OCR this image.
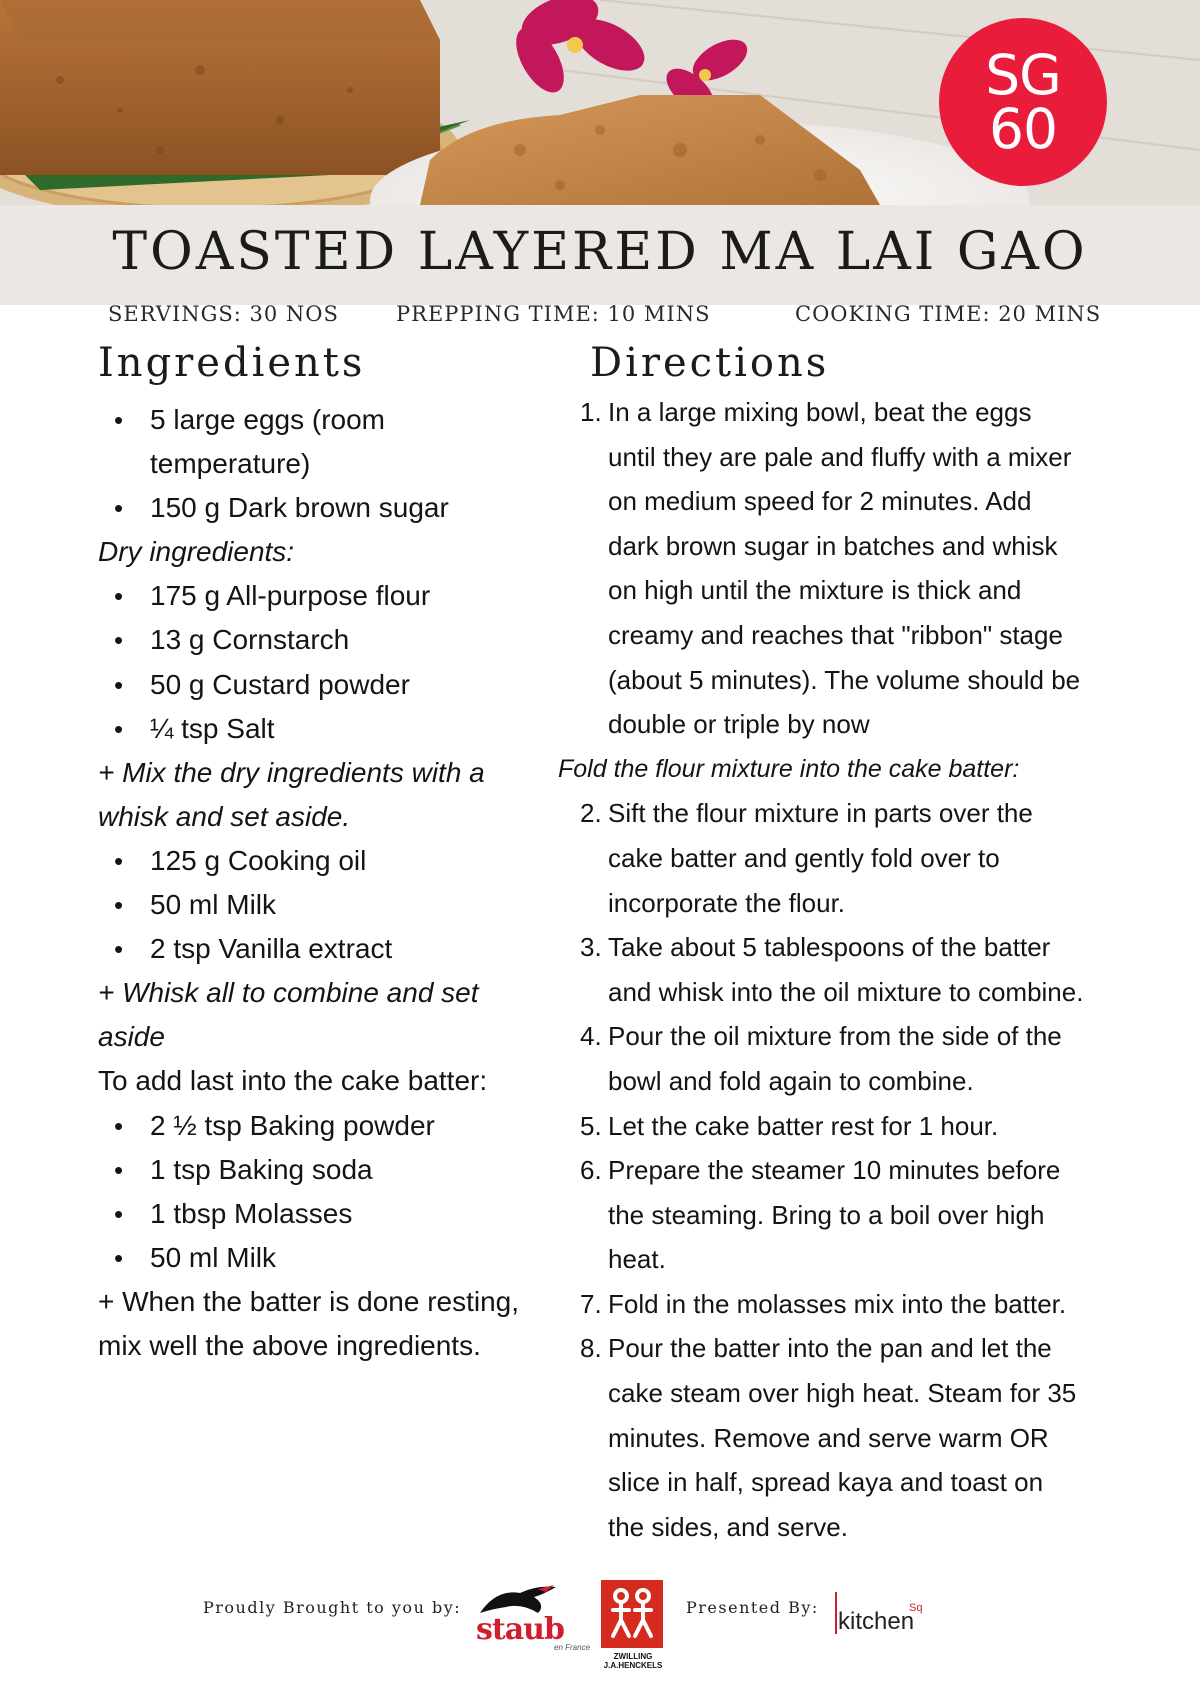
SG
60
TOASTED LAYERED MA LAI GAO
SERVINGS: 30 NOS	PREPPING TIME: 10 MINS	COOKING TIME: 20 MINS
Ingredients	Directions
• 5 large eggs (room
temperature)
• 150 g Dark brown sugar
Dry ingredients:
• 175 g All-purpose flour
• 13 g Cornstarch
• 50 g Custard powder
• ¼ tsp Salt
+ Mix the dry ingredients with a
whisk and set aside.
• 125 g Cooking oil
• 50 ml Milk
• 2 tsp Vanilla extract
+ Whisk all to combine and set
aside
To add last into the cake batter:
• 2 ½ tsp Baking powder
• 1 tsp Baking soda
• 1 tbsp Molasses
• 50 ml Milk
+ When the batter is done resting,
mix well the above ingredients.
1. In a large mixing bowl, beat the eggs
until they are pale and fluffy with a mixer
on medium speed for 2 minutes. Add
dark brown sugar in batches and whisk
on high until the mixture is thick and
creamy and reaches that "ribbon" stage
(about 5 minutes). The volume should be
double or triple by now
Fold the flour mixture into the cake batter:
2. Sift the flour mixture in parts over the
cake batter and gently fold over to
incorporate the flour.
3. Take about 5 tablespoons of the batter
and whisk into the oil mixture to combine.
4. Pour the oil mixture from the side of the
bowl and fold again to combine.
5. Let the cake batter rest for 1 hour.
6. Prepare the steamer 10 minutes before
the steaming. Bring to a boil over high
heat.
7. Fold in the molasses mix into the batter.
8. Pour the batter into the pan and let the
cake steam over high heat. Steam for 35
minutes. Remove and serve warm OR
slice in half, spread kaya and toast on
the sides, and serve.
Proudly Brought to you by:
staub
en France
ZWILLING
J.A.HENCKELS
Presented By:
kitchen
Sq
